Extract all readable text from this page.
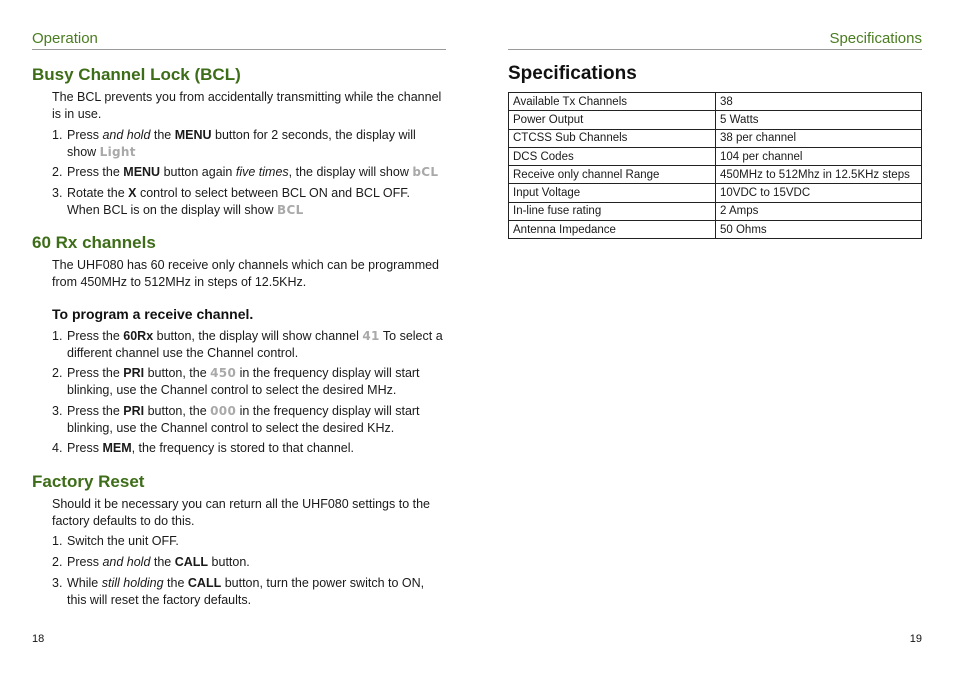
Operation
Busy Channel Lock (BCL)
The BCL prevents you from accidentally transmitting while the channel is in use.
1. Press and hold the MENU button for 2 seconds, the display will show Light
2. Press the MENU button again five times, the display will show bCL
3. Rotate the X control to select between BCL ON and BCL OFF. When BCL is on the display will show BCL
60 Rx channels
The UHF080 has 60 receive only channels which can be programmed from 450MHz to 512MHz in steps of 12.5KHz.
To program a receive channel.
1. Press the 60Rx button, the display will show channel 41 To select a different channel use the Channel control.
2. Press the PRI button, the 450 in the frequency display will start blinking, use the Channel control to select the desired MHz.
3. Press the PRI button, the 000 in the frequency display will start blinking, use the Channel control to select the desired KHz.
4. Press MEM, the frequency is stored to that channel.
Factory Reset
Should it be necessary you can return all the UHF080 settings to the factory defaults to do this.
1. Switch the unit OFF.
2. Press and hold the CALL button.
3. While still holding the CALL button, turn the power switch to ON, this will reset the factory defaults.
18
Specifications
Specifications
Available Tx Channels	38
Power Output	5 Watts
CTCSS Sub Channels	38 per channel
DCS Codes	104 per channel
Receive only channel Range	450MHz to 512Mhz in 12.5KHz steps
Input Voltage	10VDC to 15VDC
In-line fuse rating	2 Amps
Antenna Impedance	50 Ohms
19
